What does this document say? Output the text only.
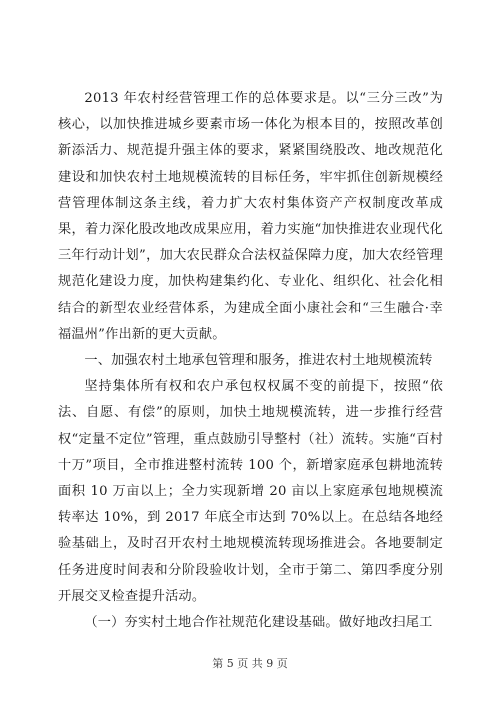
2013 年农村经营管理工作的总体要求是。以“三分三改”为核心，以加快推进城乡要素市场一体化为根本目的，按照改革创新添活力、规范提升强主体的要求，紧紧围绕股改、地改规范化建设和加快农村土地规模流转的目标任务，牢牢抓住创新规模经营管理体制这条主线，着力扩大农村集体资产产权制度改革成果，着力深化股改地改成果应用，着力实施“加快推进农业现代化三年行动计划”，加大农民群众合法权益保障力度，加大农经管理规范化建设力度，加快构建集约化、专业化、组织化、社会化相结合的新型农业经营体系，为建成全面小康社会和“三生融合·幸福温州”作出新的更大贡献。

一、加强农村土地承包管理和服务，推进农村土地规模流转

坚持集体所有权和农户承包权权属不变的前提下，按照“依法、自愿、有偿”的原则，加快土地规模流转，进一步推行经营权“定量不定位”管理，重点鼓励引导整村（社）流转。实施“百村十万”项目，全市推进整村流转 100 个，新增家庭承包耕地流转面积 10 万亩以上；全力实现新增 20 亩以上家庭承包地规模流转率达 10%，到 2017 年底全市达到 70%以上。在总结各地经验基础上，及时召开农村土地规模流转现场推进会。各地要制定任务进度时间表和分阶段验收计划，全市于第二、第四季度分别开展交叉检查提升活动。

（一）夯实村土地合作社规范化建设基础。做好地改扫尾工

第 5 页 共 9 页
